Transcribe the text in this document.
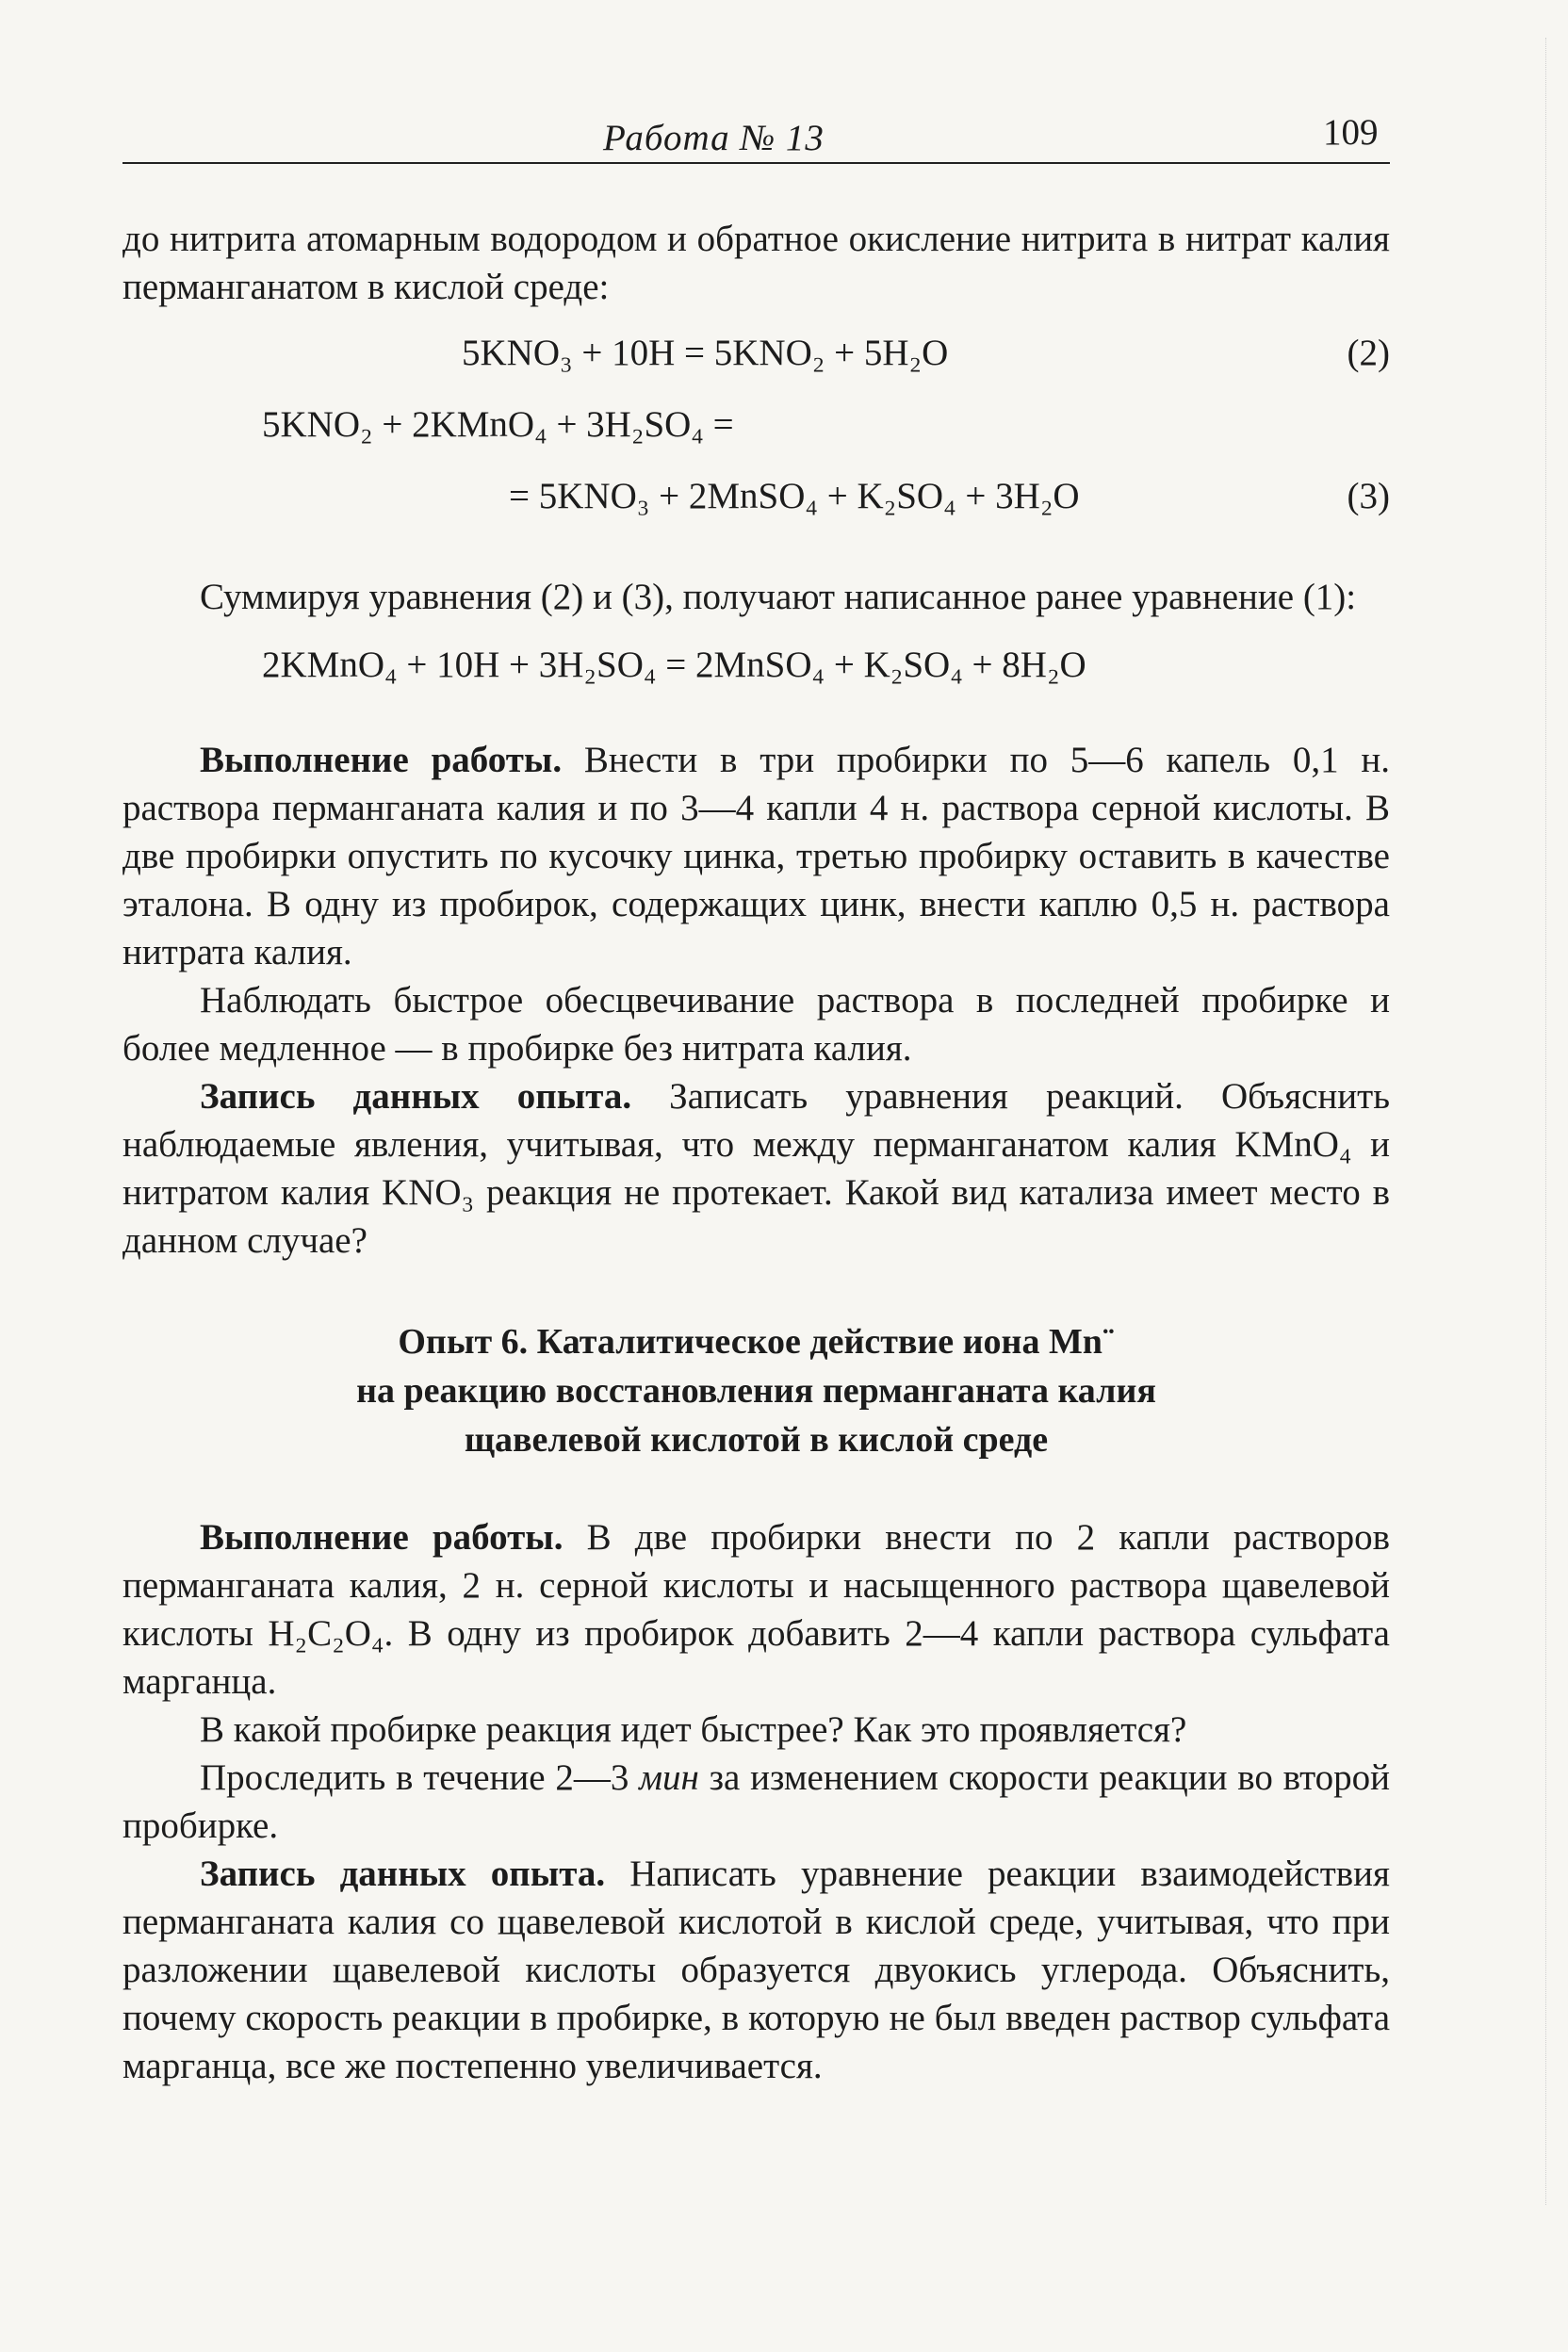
Работа № 13	109

до нитрита атомарным водородом и обратное окисление нитрита в нитрат калия перманганатом в кислой среде:

5KNO₃ + 10H = 5KNO₂ + 5H₂O	(2)
5KNO₂ + 2KMnO₄ + 3H₂SO₄ =
= 5KNO₃ + 2MnSO₄ + K₂SO₄ + 3H₂O	(3)

Суммируя уравнения (2) и (3), получают написанное ранее уравнение (1):

2KMnO₄ + 10H + 3H₂SO₄ = 2MnSO₄ + K₂SO₄ + 8H₂O

Выполнение работы. Внести в три пробирки по 5—6 капель 0,1 н. раствора перманганата калия и по 3—4 капли 4 н. раствора серной кислоты. В две пробирки опустить по кусочку цинка, третью пробирку оставить в качестве эталона. В одну из пробирок, содержащих цинк, внести каплю 0,5 н. раствора нитрата калия.

Наблюдать быстрое обесцвечивание раствора в последней пробирке и более медленное — в пробирке без нитрата калия.

Запись данных опыта. Записать уравнения реакций. Объяснить наблюдаемые явления, учитывая, что между перманганатом калия KMnO₄ и нитратом калия KNO₃ реакция не протекает. Какой вид катализа имеет место в данном случае?

Опыт 6. Каталитическое действие иона Mn¨
на реакцию восстановления перманганата калия
щавелевой кислотой в кислой среде

Выполнение работы. В две пробирки внести по 2 капли растворов перманганата калия, 2 н. серной кислоты и насыщенного раствора щавелевой кислоты H₂C₂O₄. В одну из пробирок добавить 2—4 капли раствора сульфата марганца.

В какой пробирке реакция идет быстрее? Как это проявляется?

Проследить в течение 2—3 мин за изменением скорости реакции во второй пробирке.

Запись данных опыта. Написать уравнение реакции взаимодействия перманганата калия со щавелевой кислотой в кислой среде, учитывая, что при разложении щавелевой кислоты образуется двуокись углерода. Объяснить, почему скорость реакции в пробирке, в которую не был введен раствор сульфата марганца, все же постепенно увеличивается.
